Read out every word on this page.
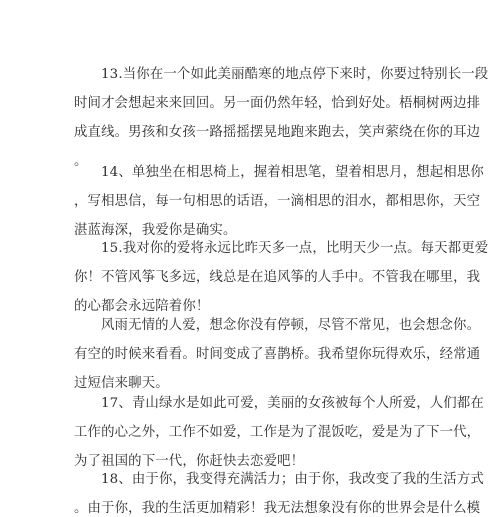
13.当你在一个如此美丽酷寒的地点停下来时，你要过特别长一段
时间才会想起来来回回。另一面仍然年轻，恰到好处。梧桐树两边排
成直线。男孩和女孩一路摇摇摆晃地跑来跑去，笑声萦绕在你的耳边
。
14、单独坐在相思椅上，握着相思笔，望着相思月，想起相思你
，写相思信，每一句相思的话语，一滴相思的泪水，都相思你，天空
湛蓝海深，我爱你是确实。
15.我对你的爱将永远比昨天多一点，比明天少一点。每天都更爱
你！不管风筝飞多远，线总是在追风筝的人手中。不管我在哪里，我
的心都会永远陪着你！
风雨无情的人爱，想念你没有停顿，尽管不常见，也会想念你。
有空的时候来看看。时间变成了喜鹊桥。我希望你玩得欢乐，经常通
过短信来聊天。
17、青山绿水是如此可爱，美丽的女孩被每个人所爱，人们都在
工作的心之外，工作不如爱，工作是为了混饭吃，爱是为了下一代，
为了祖国的下一代，你赶快去恋爱吧！
18、由于你，我变得充满活力；由于你，我改变了我的生活方式
。由于你，我的生活更加精彩！我无法想象没有你的世界会是什么模
